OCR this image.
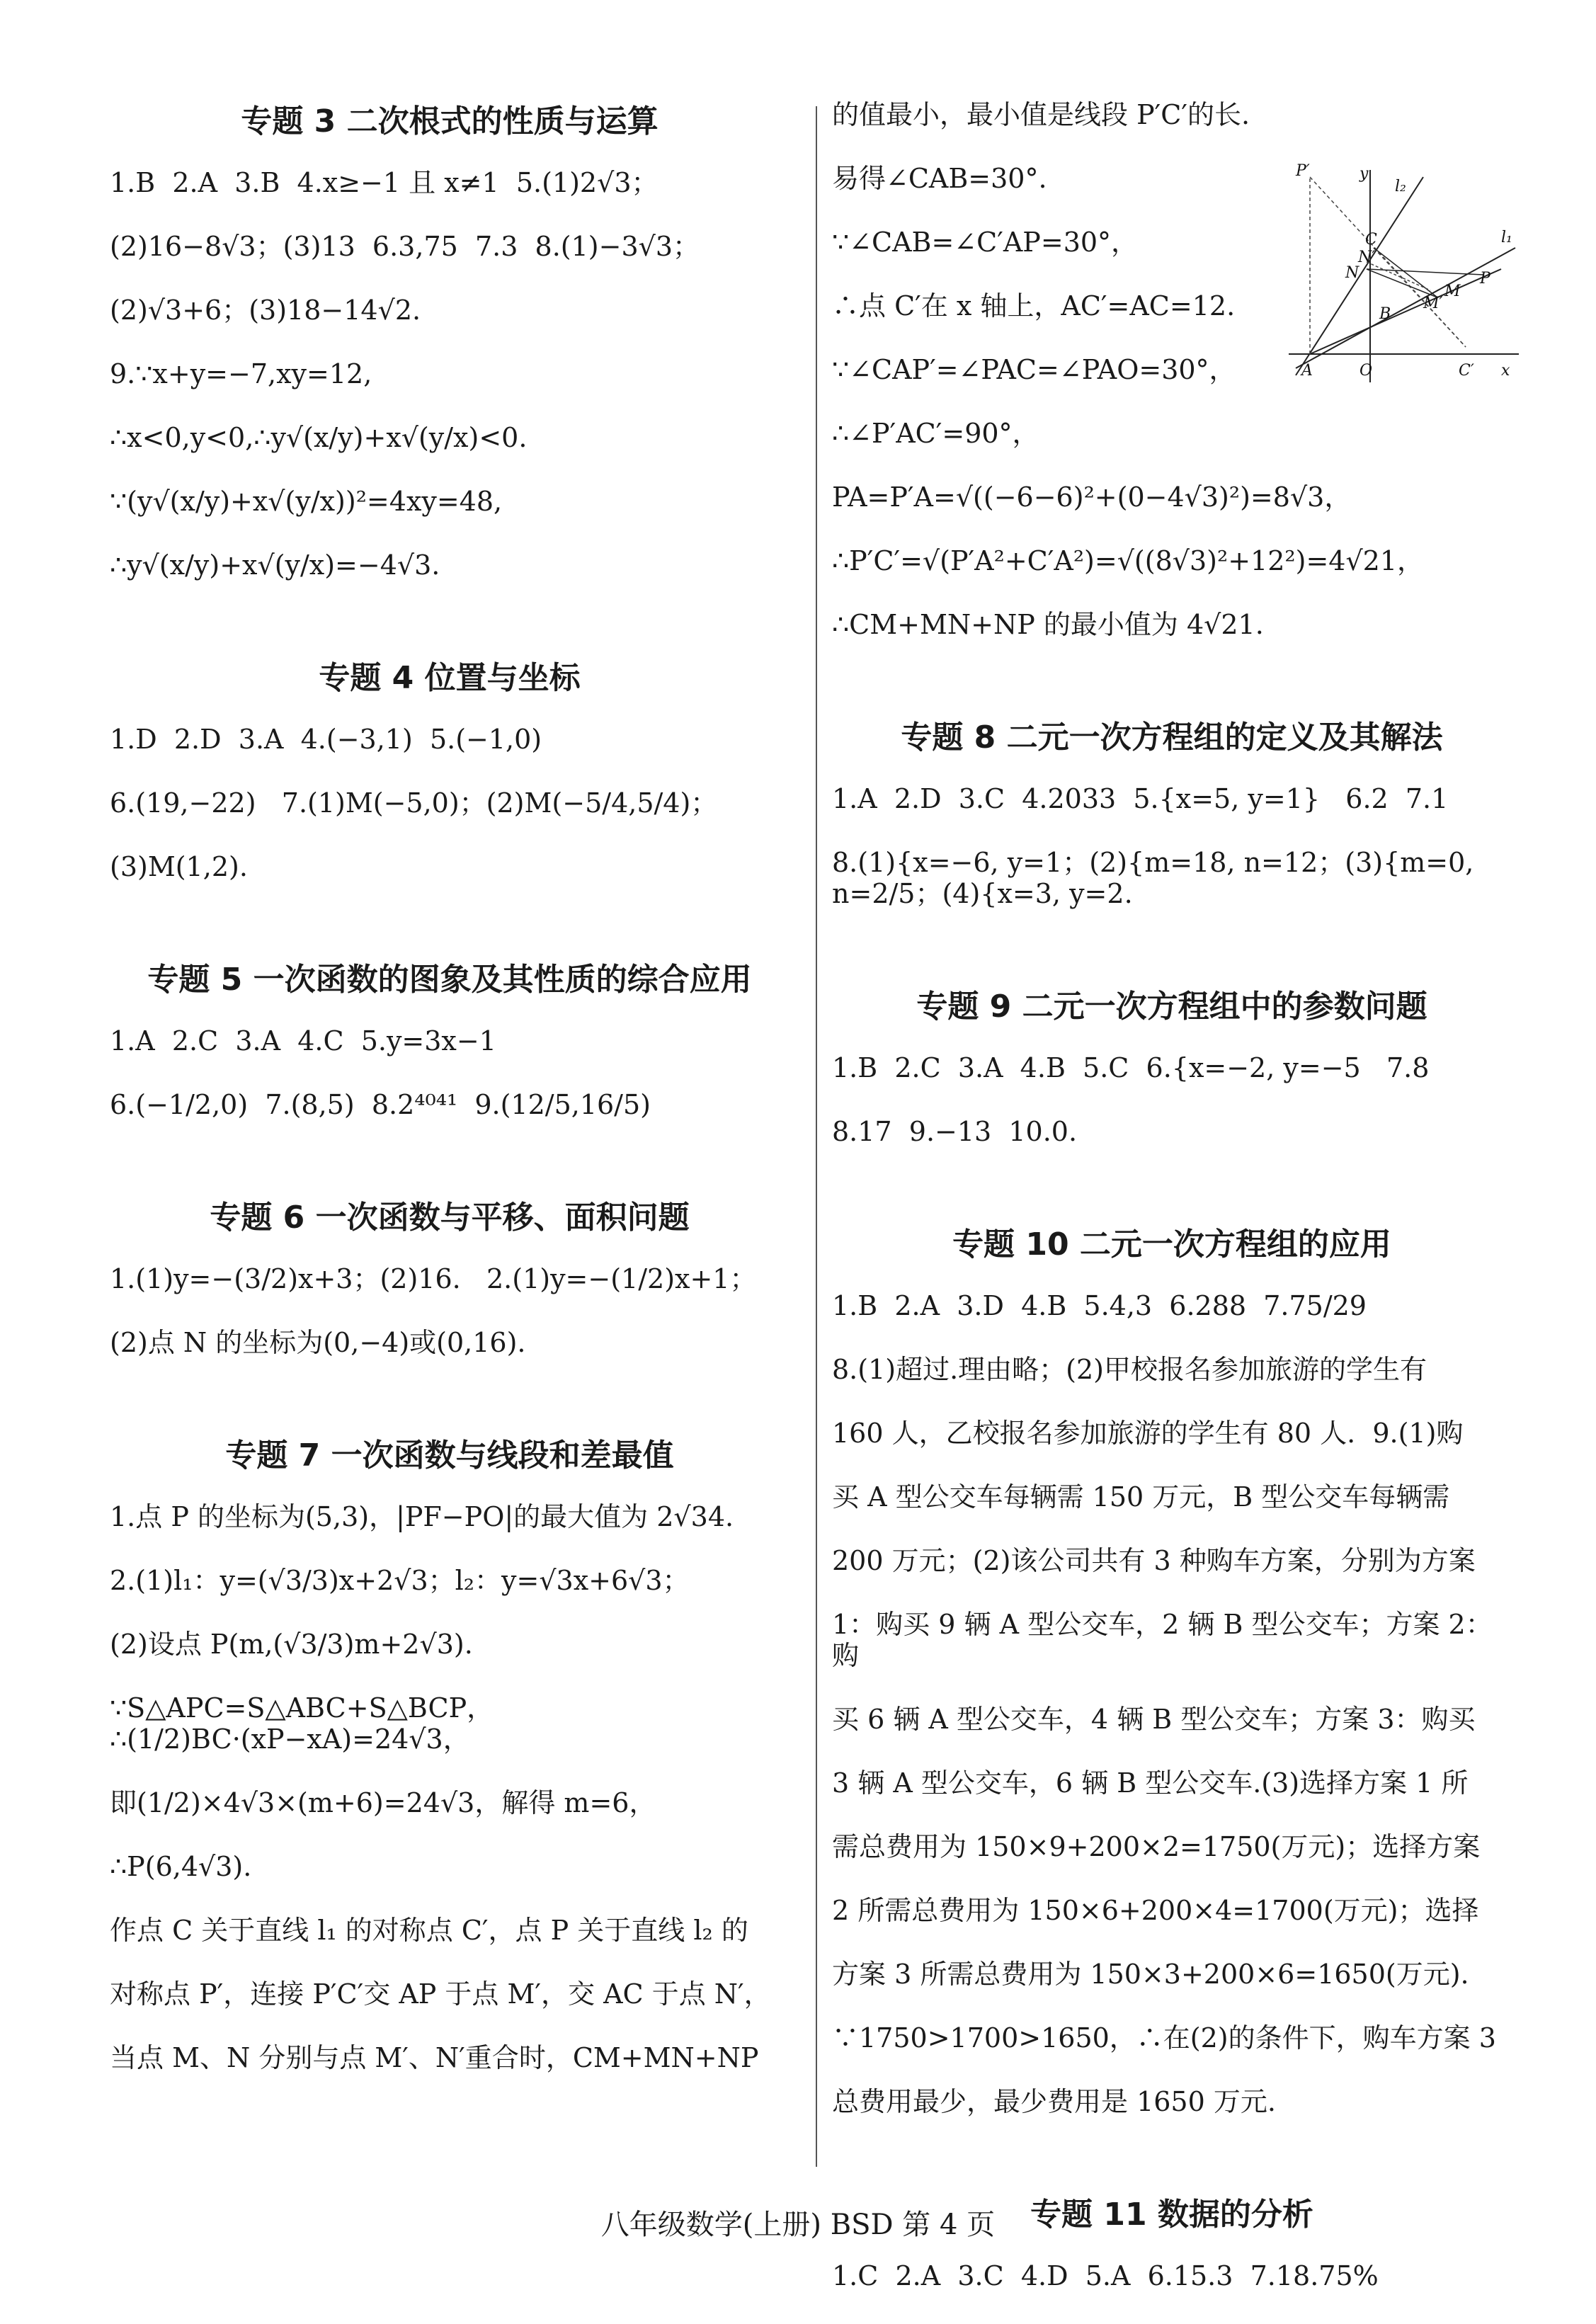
专题 3 二次根式的性质与运算

1.B  2.A  3.B  4.x≥−1 且 x≠1  5.(1)2√3；

(2)16−8√3；(3)13  6.3,75  7.3  8.(1)−3√3；

(2)√3+6；(3)18−14√2.

9.∵x+y=−7,xy=12,

∴x<0,y<0,∴y√(x/y)+x√(y/x)<0.

∵(y√(x/y)+x√(y/x))²=4xy=48,

∴y√(x/y)+x√(y/x)=−4√3.

专题 4 位置与坐标

1.D  2.D  3.A  4.(−3,1)  5.(−1,0)

6.(19,−22)   7.(1)M(−5,0)；(2)M(−5/4,5/4)；

(3)M(1,2).

专题 5 一次函数的图象及其性质的综合应用

1.A  2.C  3.A  4.C  5.y=3x−1

6.(−1/2,0)  7.(8,5)  8.2⁴⁰⁴¹  9.(12/5,16/5)

专题 6 一次函数与平移、面积问题

1.(1)y=−(3/2)x+3；(2)16.   2.(1)y=−(1/2)x+1；

(2)点 N 的坐标为(0,−4)或(0,16).

专题 7 一次函数与线段和差最值

1.点 P 的坐标为(5,3)，|PF−PO|的最大值为 2√34.

2.(1)l₁：y=(√3/3)x+2√3；l₂：y=√3x+6√3；

(2)设点 P(m,(√3/3)m+2√3).

∵S△APC=S△ABC+S△BCP，∴(1/2)BC·(xP−xA)=24√3，

即(1/2)×4√3×(m+6)=24√3，解得 m=6，

∴P(6,4√3).

作点 C 关于直线 l₁ 的对称点 C′，点 P 关于直线 l₂ 的

对称点 P′，连接 P′C′交 AP 于点 M′，交 AC 于点 N′，

当点 M、N 分别与点 M′、N′重合时，CM+MN+NP

的值最小，最小值是线段 P′C′的长.

易得∠CAB=30°.

∵∠CAB=∠C′AP=30°，

∴点 C′在 x 轴上，AC′=AC=12.

∵∠CAP′=∠PAC=∠PAO=30°，

∴∠P′AC′=90°，

PA=P′A=√((−6−6)²+(0−4√3)²)=8√3，

∴P′C′=√(P′A²+C′A²)=√((8√3)²+12²)=4√21，

∴CM+MN+NP 的最小值为 4√21.

专题 8 二元一次方程组的定义及其解法

1.A  2.D  3.C  4.2033  5.{x=5, y=1}   6.2  7.1

8.(1){x=−6, y=1；(2){m=18, n=12；(3){m=0, n=2/5；(4){x=3, y=2.

专题 9 二元一次方程组中的参数问题

1.B  2.C  3.A  4.B  5.C  6.{x=−2, y=−5   7.8

8.17  9.−13  10.0.

专题 10 二元一次方程组的应用

1.B  2.A  3.D  4.B  5.4,3  6.288  7.75/29

8.(1)超过.理由略；(2)甲校报名参加旅游的学生有

160 人，乙校报名参加旅游的学生有 80 人.  9.(1)购

买 A 型公交车每辆需 150 万元，B 型公交车每辆需

200 万元；(2)该公司共有 3 种购车方案，分别为方案

1：购买 9 辆 A 型公交车，2 辆 B 型公交车；方案 2：购

买 6 辆 A 型公交车，4 辆 B 型公交车；方案 3：购买

3 辆 A 型公交车，6 辆 B 型公交车.(3)选择方案 1 所

需总费用为 150×9+200×2=1750(万元)；选择方案

2 所需总费用为 150×6+200×4=1700(万元)；选择

方案 3 所需总费用为 150×3+200×6=1650(万元).

∵1750>1700>1650，∴在(2)的条件下，购车方案 3

总费用最少，最少费用是 1650 万元.

专题 11 数据的分析

1.C  2.A  3.C  4.D  5.A  6.15.3  7.18.75%

P′	y
l₂
C
N′
N
l₁
B
M
M′
P
A	O	C′ x
八年级数学(上册) BSD 第 4 页
